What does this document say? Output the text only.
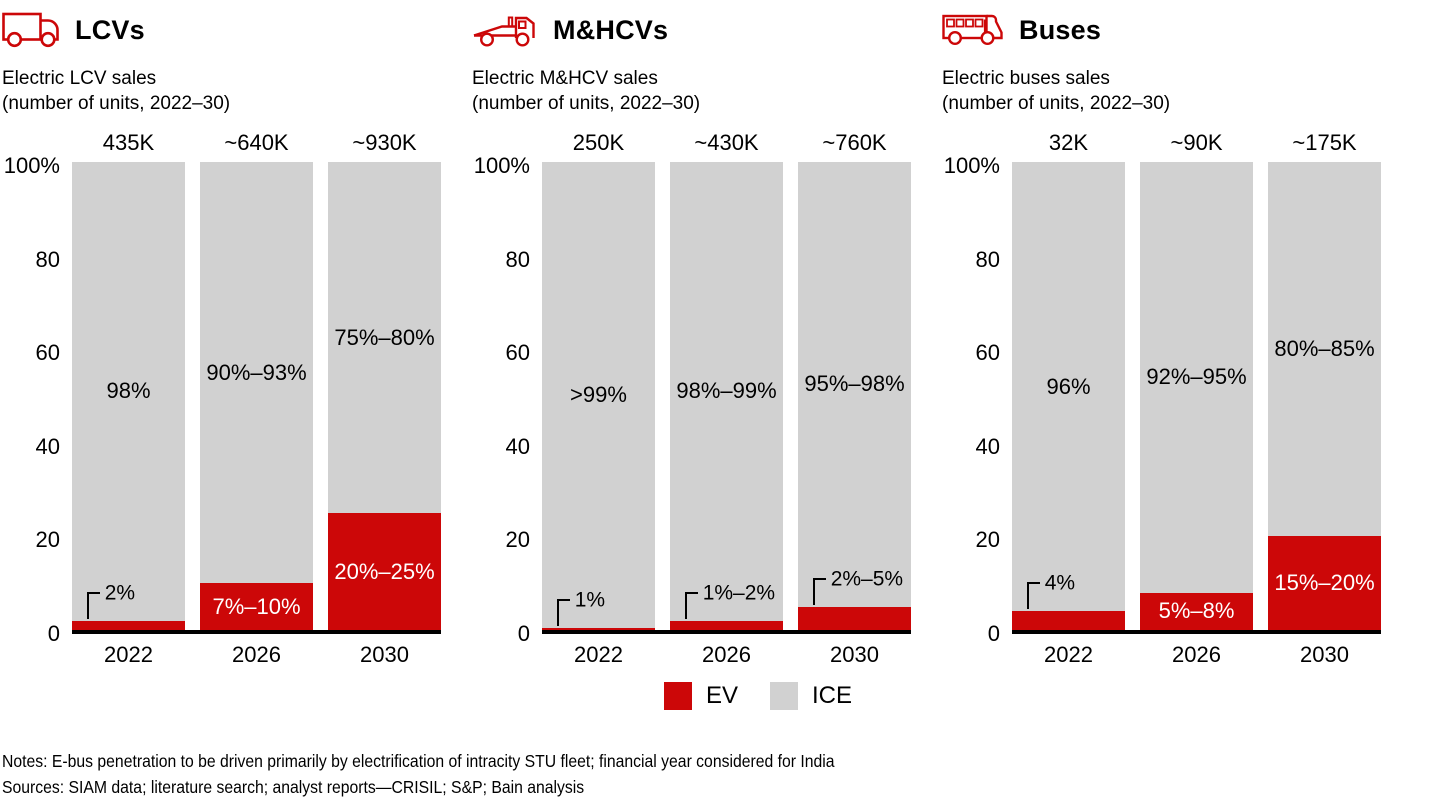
LCVs
Electric LCV sales
(number of units, 2022–30)
100%
80
60
40
20
0
435K
98%
2%
~640K
90%–93%
7%–10%
~930K
75%–80%
20%–25%
2022	2026	2030
M&HCVs
Electric M&HCV sales
(number of units, 2022–30)
100%
80
60
40
20
0
250K
>99%
1%
~430K
98%–99%
1%–2%
~760K
95%–98%
2%–5%
2022	2026	2030
Buses
Electric buses sales
(number of units, 2022–30)
100%
80
60
40
20
0
32K
96%
4%
~90K
92%–95%
5%–8%
~175K
80%–85%
15%–20%
2022	2026	2030
EV	ICE
Notes: E-bus penetration to be driven primarily by electrification of intracity STU fleet; financial year considered for India
Sources: SIAM data; literature search; analyst reports—CRISIL; S&P; Bain analysis
